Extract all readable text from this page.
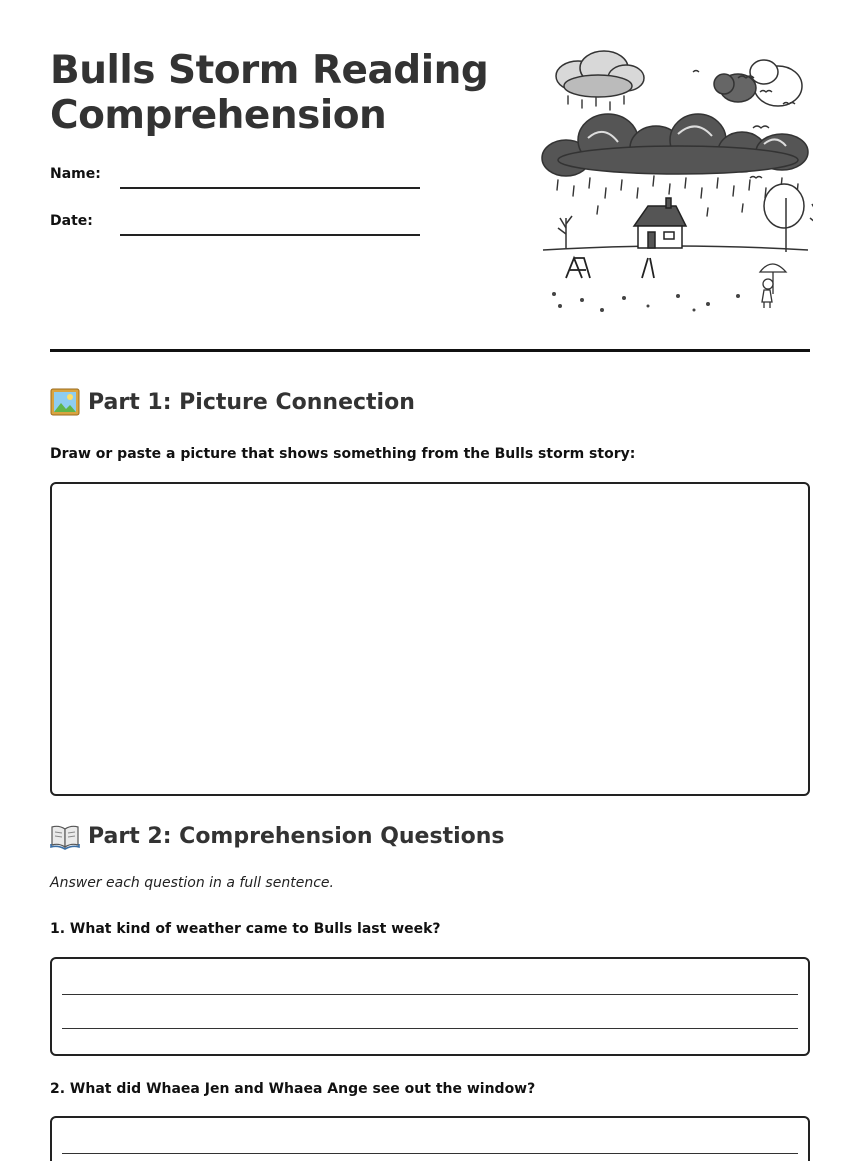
Bulls Storm Reading Comprehension
Name:
Date:
Part 1: Picture Connection
Draw or paste a picture that shows something from the Bulls storm story:
Part 2: Comprehension Questions
Answer each question in a full sentence.
1. What kind of weather came to Bulls last week?
2. What did Whaea Jen and Whaea Ange see out the window?
